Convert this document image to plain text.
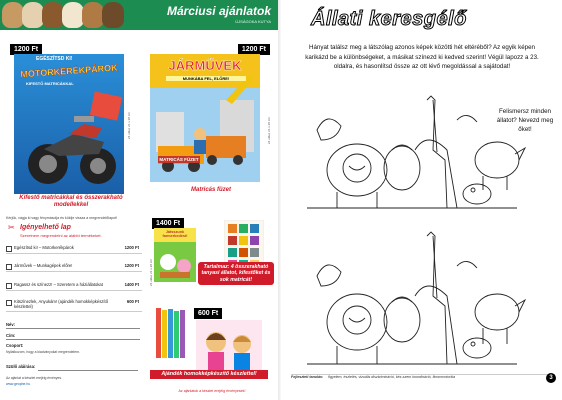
Márciusi ajánlatok
ÚJSÁGOKA KUTYA
1200 Ft
EGÉSZÍTSD KI!
MOTORKERÉKPÁROK
KIFESTŐ MATRICÁKKAL
24 oldal, 21 x 28 cm
Kifestő matricákkal és összerakható modellekkel
1200 Ft
JÁRMŰVEK
MUNKÁBA FEL, ELŐRE!
MATRICÁS FÜZET
24 oldal, 21 x 28 cm
Matricás füzet
Kérjük, vágja ki vagy fénymásolja és küldje vissza a megrendelőlapot!
✂ Igényelhető lap
Szeretnem megrendelni az alábbi termékeket:
Egészítsd ki! – Motorkerékpárok	1200 Ft
Járművek – Munkagépek előre!	1200 Ft
Ragassz és színezz! – Szeretem a háziállatokat	1400 Ft
Kitszínezlek, Anyukám! (ajándék homokképkészítő készlettel)
600 Ft
Név:
Cím:
Csoport:
Nyilatkozom, hogy a kiadványokat megrendelem.
Szülő aláírása:
Az ajánlat a készlet erejéig érvényes.
www.geopbe.hu
1400 Ft
Játsszunk farmerkedést!
Tartalmaz: 4 összerakható tanyasi állatot, kifestőket és sok matricát!
24 oldal, 21 x 28 cm
600 Ft
Ajándék homokképkészítő készlettel!
Az ajánlatok a készlet erejéig érvényesek!
Állati keresgélő
Hányat találsz meg a látszólag azonos képek közötti hét eltéréből? Az egyik képen karikázd be a különbségeket, a másikat színezd ki kedved szerint! Végül lapozz a 23. oldalra, és hasonlítsd össze az ott lévő megoldással a sajátodat!
Felismersz minden állatot? Nevezd meg őket!
Fejleszteti tanulás: figyelem, észlelés, vizuális diszkrimináció, kéz-szem koordináció, finommotorika	3
